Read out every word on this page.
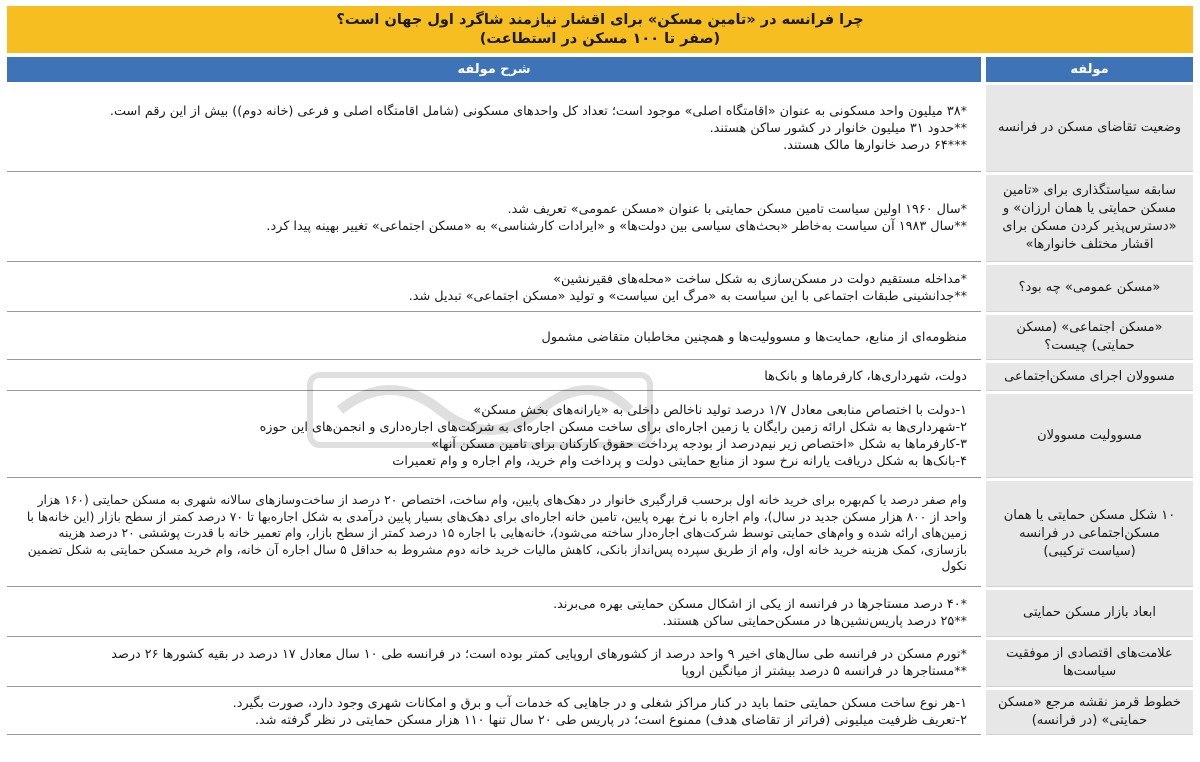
چرا فرانسه در «تامین مسکن» برای اقشار نیازمند شاگرد اول جهان است؟
(صفر تا ۱۰۰ مسکن در استطاعت)
مولفه
شرح مولفه
وضعیت تقاضای مسکن در فرانسه
*۳۸ میلیون واحد مسکونی به عنوان «اقامتگاه اصلی» موجود است؛ تعداد کل واحدهای مسکونی (شامل اقامتگاه اصلی و فرعی (خانه دوم)) بیش از این رقم است.
**حدود ۳۱ میلیون خانوار در کشور ساکن هستند.
***۶۴ درصد خانوارها مالک هستند.
سابقه سیاستگذاری برای «تامین مسکن حمایتی یا همان ارزان» و «دسترس‌پذیر کردن مسکن برای اقشار مختلف خانوارها»
*سال ۱۹۶۰ اولین سیاست تامین مسکن حمایتی با عنوان «مسکن عمومی» تعریف شد.
**سال ۱۹۸۳ آن سیاست به‌خاطر «بحث‌های سیاسی بین دولت‌ها» و «ایرادات کارشناسی» به «مسکن اجتماعی» تغییر بهینه پیدا کرد.
«مسکن عمومی» چه بود؟
*مداخله مستقیم دولت در مسکن‌سازی به شکل ساخت «محله‌های فقیرنشین»
**جدانشینی طبقات اجتماعی با این سیاست به «مرگ این سیاست» و تولید «مسکن اجتماعی» تبدیل شد.
«مسکن اجتماعی» (مسکن حمایتی) چیست؟
منظومه‌ای از منابع، حمایت‌ها و مسوولیت‌ها و همچنین مخاطبان متقاضی مشمول
مسوولان اجرای مسکن‌اجتماعی
دولت، شهرداری‌ها، کارفرماها و بانک‌ها
مسوولیت مسوولان
۱-دولت با اختصاص منابعی معادل ۱/۷ درصد تولید ناخالص داخلی به «یارانه‌های بخش مسکن»
۲-شهرداری‌ها به شکل ارائه زمین رایگان یا زمین اجاره‌ای برای ساخت مسکن اجاره‌ای به شرکت‌های اجاره‌داری و انجمن‌های این حوزه
۳-کارفرماها به شکل «اختصاص زیر نیم‌درصد از بودجه پرداخت حقوق کارکنان برای تامین مسکن آنها»
۴-بانک‌ها به شکل دریافت یارانه نرخ سود از منابع حمایتی دولت و پرداخت وام خرید، وام اجاره و وام تعمیرات
۱۰ شکل مسکن حمایتی یا همان مسکن‌اجتماعی در فرانسه (سیاست ترکیبی)
وام صفر درصد یا کم‌بهره برای خرید خانه اول برحسب قرارگیری خانوار در دهک‌های پایین، وام ساخت، اختصاص ۲۰ درصد از ساخت‌وسازهای سالانه شهری به مسکن حمایتی (۱۶۰ هزار واحد از ۸۰۰ هزار مسکن جدید در سال)، وام اجاره با نرخ بهره پایین، تامین خانه اجاره‌ای برای دهک‌های بسیار پایین درآمدی به شکل اجاره‌بها تا ۷۰ درصد کمتر از سطح بازار (این خانه‌ها با زمین‌های ارائه شده و وام‌های حمایتی توسط شرکت‌های اجاره‌دار ساخته می‌شود)، خانه‌هایی با اجاره ۱۵ درصد کمتر از سطح بازار، وام تعمیر خانه با قدرت پوششی ۲۰ درصد هزینه بازسازی، کمک هزینه خرید خانه اول، وام از طریق سپرده پس‌انداز بانکی، کاهش مالیات خرید خانه دوم مشروط به حداقل ۵ سال اجاره آن خانه، وام خرید مسکن حمایتی به شکل تضمین نکول
ابعاد بازار مسکن حمایتی
*۴۰ درصد مستاجرها در فرانسه از یکی از اشکال مسکن حمایتی بهره می‌برند.
**۲۵ درصد پاریس‌نشین‌ها در مسکن‌حمایتی ساکن هستند.
علامت‌های اقتصادی از موفقیت سیاست‌ها
*تورم مسکن در فرانسه طی سال‌های اخیر ۹ واحد درصد از کشورهای اروپایی کمتر بوده است؛ در فرانسه طی ۱۰ سال معادل ۱۷ درصد در بقیه کشورها ۲۶ درصد
**مستاجرها در فرانسه ۵ درصد بیشتر از میانگین اروپا
خطوط قرمز نقشه مرجع «مسکن حمایتی» (در فرانسه)
۱-هر نوع ساخت مسکن حمایتی حتما باید در کنار مراکز شغلی و در جاهایی که خدمات آب و برق و امکانات شهری وجود دارد، صورت بگیرد.
۲-تعریف ظرفیت میلیونی (فراتر از تقاضای هدف) ممنوع است؛ در پاریس طی ۲۰ سال تنها ۱۱۰ هزار مسکن حمایتی در نظر گرفته شد.
